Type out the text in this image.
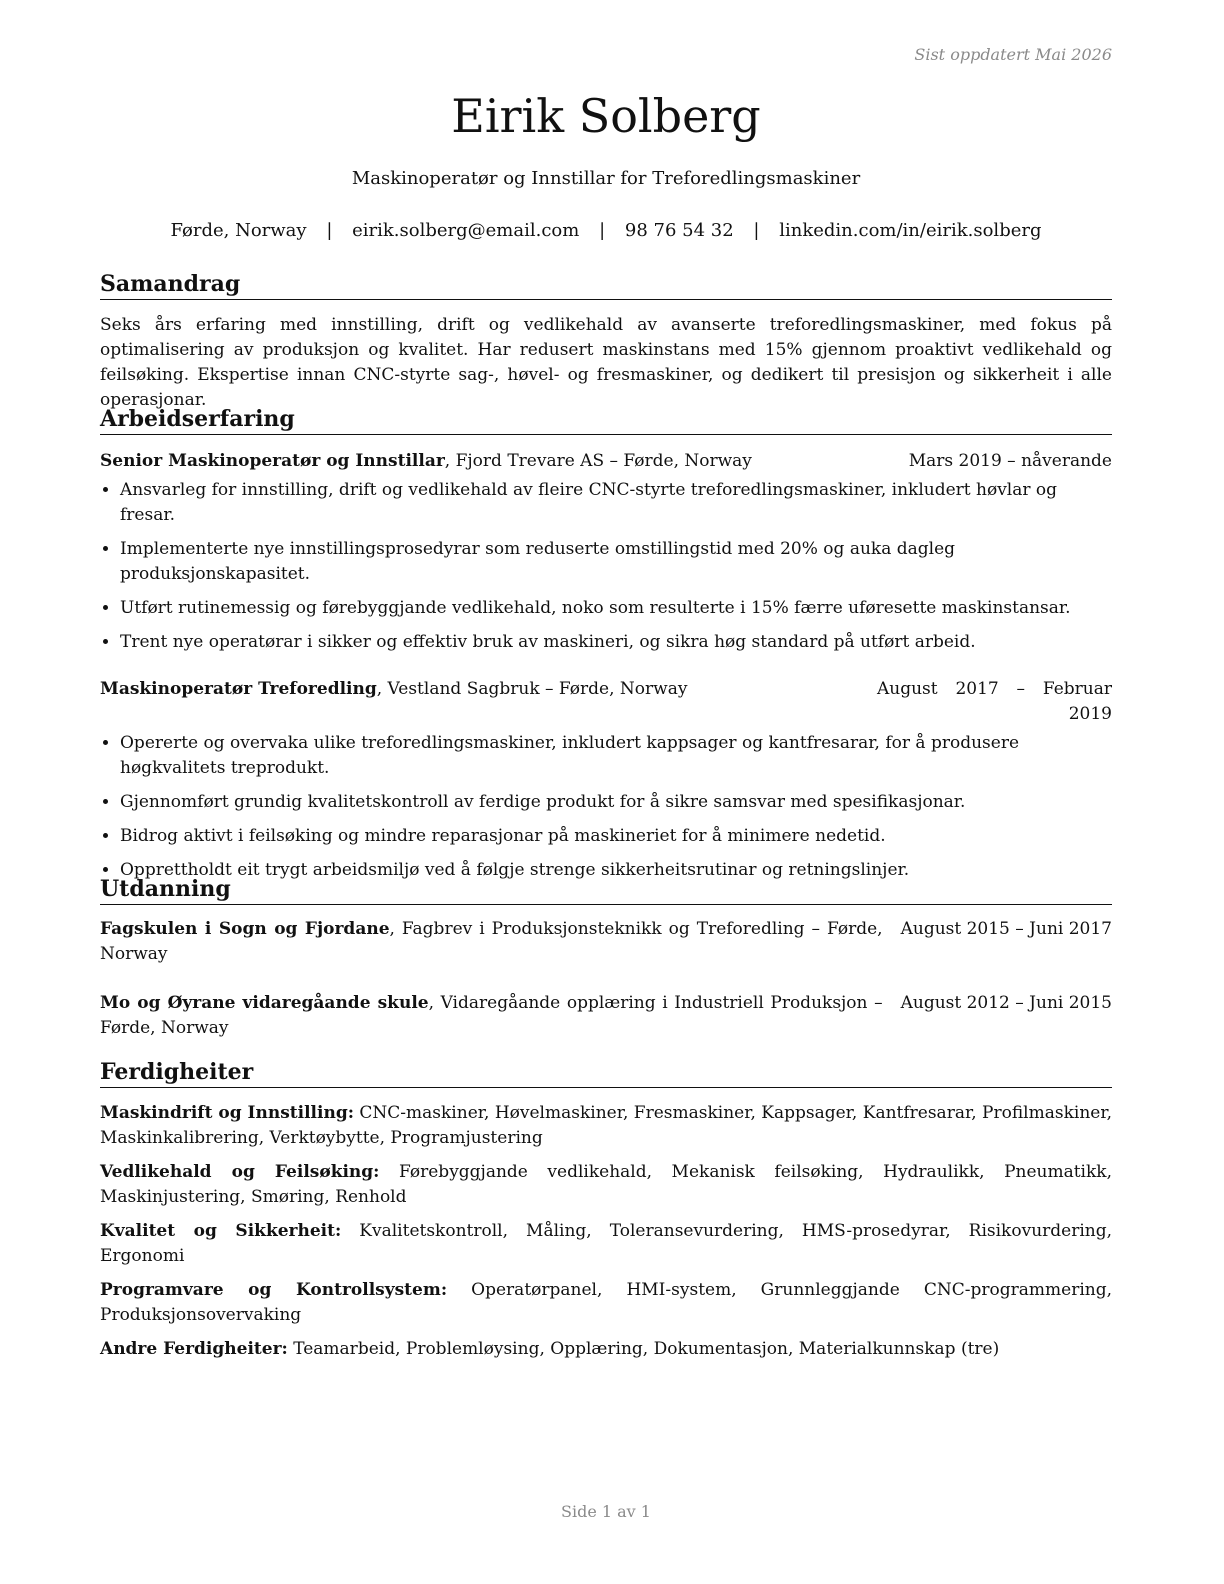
Sist oppdatert Mai 2026
Eirik Solberg
Maskinoperatør og Innstillar for Treforedlingsmaskiner
Førde, Norway | eirik.solberg@email.com | 98 76 54 32 | linkedin.com/in/eirik.solberg
Samandrag
Seks års erfaring med innstilling, drift og vedlikehald av avanserte treforedlingsmaskiner, med fokus på optimalisering av produksjon og kvalitet. Har redusert maskinstans med 15% gjennom proaktivt vedlikehald og feilsøking. Ekspertise innan CNC-styrte sag-, høvel- og fresmaskiner, og dedikert til presisjon og sikkerheit i alle operasjonar.
Arbeidserfaring
Senior Maskinoperatør og Innstillar, Fjord Trevare AS – Førde, Norway	Mars 2019 – nåverande
• Ansvarleg for innstilling, drift og vedlikehald av fleire CNC-styrte treforedlingsmaskiner, inkludert høvlar og fresar.
• Implementerte nye innstillingsprosedyrar som reduserte omstillingstid med 20% og auka dagleg produksjonskapasitet.
• Utført rutinemessig og førebyggjande vedlikehald, noko som resulterte i 15% færre uføresette maskinstansar.
• Trent nye operatørar i sikker og effektiv bruk av maskineri, og sikra høg standard på utført arbeid.
Maskinoperatør Treforedling, Vestland Sagbruk – Førde, Norway	August 2017 – Februar 2019
• Opererte og overvaka ulike treforedlingsmaskiner, inkludert kappsager og kantfresarar, for å produsere høgkvalitets treprodukt.
• Gjennomført grundig kvalitetskontroll av ferdige produkt for å sikre samsvar med spesifikasjonar.
• Bidrog aktivt i feilsøking og mindre reparasjonar på maskineriet for å minimere nedetid.
• Opprettholdt eit trygt arbeidsmiljø ved å følgje strenge sikkerheitsrutinar og retningslinjer.
Utdanning
Fagskulen i Sogn og Fjordane, Fagbrev i Produksjonsteknikk og Treforedling – Førde, Norway
August 2015 – Juni 2017
Mo og Øyrane vidaregåande skule, Vidaregåande opplæring i Industriell Produksjon – Førde, Norway
August 2012 – Juni 2015
Ferdigheiter
Maskindrift og Innstilling: CNC-maskiner, Høvelmaskiner, Fresmaskiner, Kappsager, Kantfresarar, Profilmaskiner, Maskinkalibrering, Verktøybytte, Programjustering
Vedlikehald og Feilsøking: Førebyggjande vedlikehald, Mekanisk feilsøking, Hydraulikk, Pneumatikk, Maskinjustering, Smøring, Renhold
Kvalitet og Sikkerheit: Kvalitetskontroll, Måling, Toleransevurdering, HMS-prosedyrar, Risikovurdering, Ergonomi
Programvare og Kontrollsystem: Operatørpanel, HMI-system, Grunnleggjande CNC-programmering, Produksjonsovervaking
Andre Ferdigheiter: Teamarbeid, Problemløysing, Opplæring, Dokumentasjon, Materialkunnskap (tre)
Side 1 av 1
